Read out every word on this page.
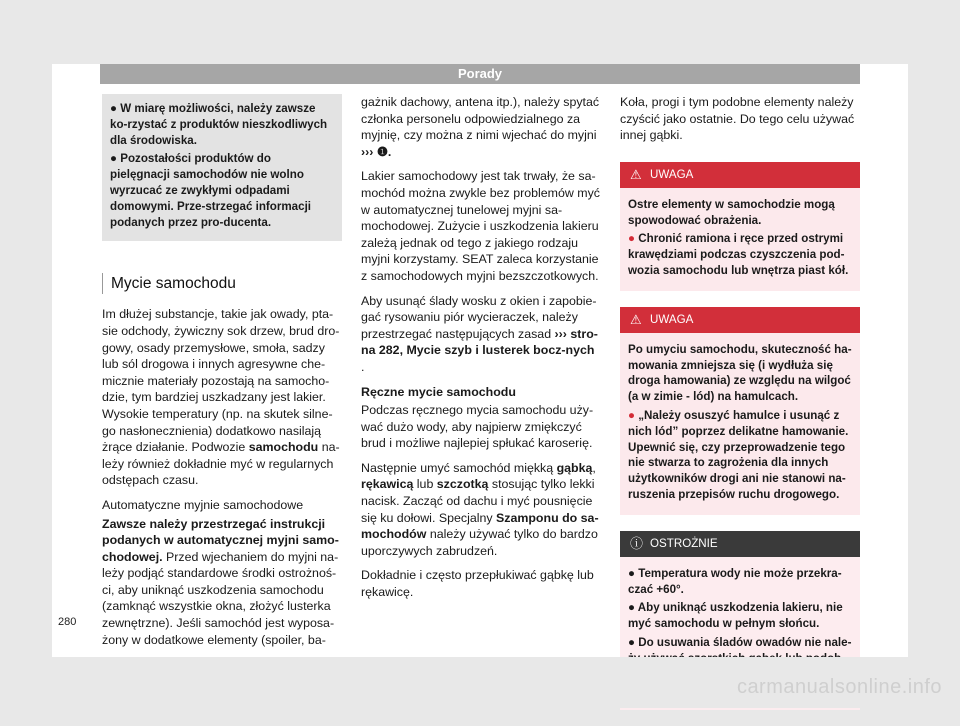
Porady
● W miarę możliwości, należy zawsze ko-rzystać z produktów nieszkodliwych dla środowiska.
● Pozostałości produktów do pielęgnacji samochodów nie wolno wyrzucać ze zwykłymi odpadami domowymi. Prze-strzegać informacji podanych przez pro-ducenta.
Mycie samochodu

Im dłużej substancje, takie jak owady, pta-sie odchody, żywiczny sok drzew, brud dro-gowy, osady przemysłowe, smoła, sadzy lub sól drogowa i innych agresywne che-micznie materiały pozostają na samocho-dzie, tym bardziej uszkadzany jest lakier. Wysokie temperatury (np. na skutek silne-go nasłonecznienia) dodatkowo nasilają żrące działanie. Podwozie samochodu na-leży również dokładnie myć w regularnych odstępach czasu.

Automatyczne myjnie samochodowe

Zawsze należy przestrzegać instrukcji podanych w automatycznej myjni samo-chodowej. Przed wjechaniem do myjni na-leży podjąć standardowe środki ostrożnoś-ci, aby uniknąć uszkodzenia samochodu (zamknąć wszystkie okna, złożyć lusterka zewnętrzne). Jeśli samochód jest wyposa-żony w dodatkowe elementy (spoiler, ba-

gażnik dachowy, antena itp.), należy spytać członka personelu odpowiedzialnego za myjnię, czy można z nimi wjechać do myjni ››› ❶.

Lakier samochodowy jest tak trwały, że sa-mochód można zwykle bez problemów myć w automatycznej tunelowej myjni sa-mochodowej. Zużycie i uszkodzenia lakieru zależą jednak od tego z jakiego rodzaju myjni korzystamy. SEAT zaleca korzystanie z samochodowych myjni bezszczotkowych.

Aby usunąć ślady wosku z okien i zapobie-gać rysowaniu piór wycieraczek, należy przestrzegać następujących zasad ››› stro-na 282, Mycie szyb i lusterek bocz-nych .

Ręczne mycie samochodu

Podczas ręcznego mycia samochodu uży-wać dużo wody, aby najpierw zmiękczyć brud i możliwe najlepiej spłukać karoserię.

Następnie umyć samochód miękką gąbką, rękawicą lub szczotką stosując tylko lekki nacisk. Zacząć od dachu i myć pousnięcie się ku dołowi. Specjalny Szamponu do sa-mochodów należy używać tylko do bardzo uporczywych zabrudzeń.

Dokładnie i często przepłukiwać gąbkę lub rękawicę.

Koła, progi i tym podobne elementy należy czyścić jako ostatnie. Do tego celu używać innej gąbki.

⚠ UWAGA
Ostre elementy w samochodzie mogą spowodować obrażenia.
● Chronić ramiona i ręce przed ostrymi krawędziami podczas czyszczenia pod-wozia samochodu lub wnętrza piast kół.
⚠ UWAGA
Po umyciu samochodu, skuteczność ha-mowania zmniejsza się (i wydłuża się droga hamowania) ze względu na wilgoć (a w zimie - lód) na hamulcach.
● „Należy osuszyć hamulce i usunąć z nich lód” poprzez delikatne hamowanie. Upewnić się, czy przeprowadzenie tego nie stwarza to zagrożenia dla innych użytkowników drogi ani nie stanowi na-ruszenia przepisów ruchu drogowego.
ⓘ OSTROŻNIE
● Temperatura wody nie może przekra-czać +60°.
● Aby uniknąć uszkodzenia lakieru, nie myć samochodu w pełnym słońcu.
● Do usuwania śladów owadów nie nale-
280
carmanualsonline.info
